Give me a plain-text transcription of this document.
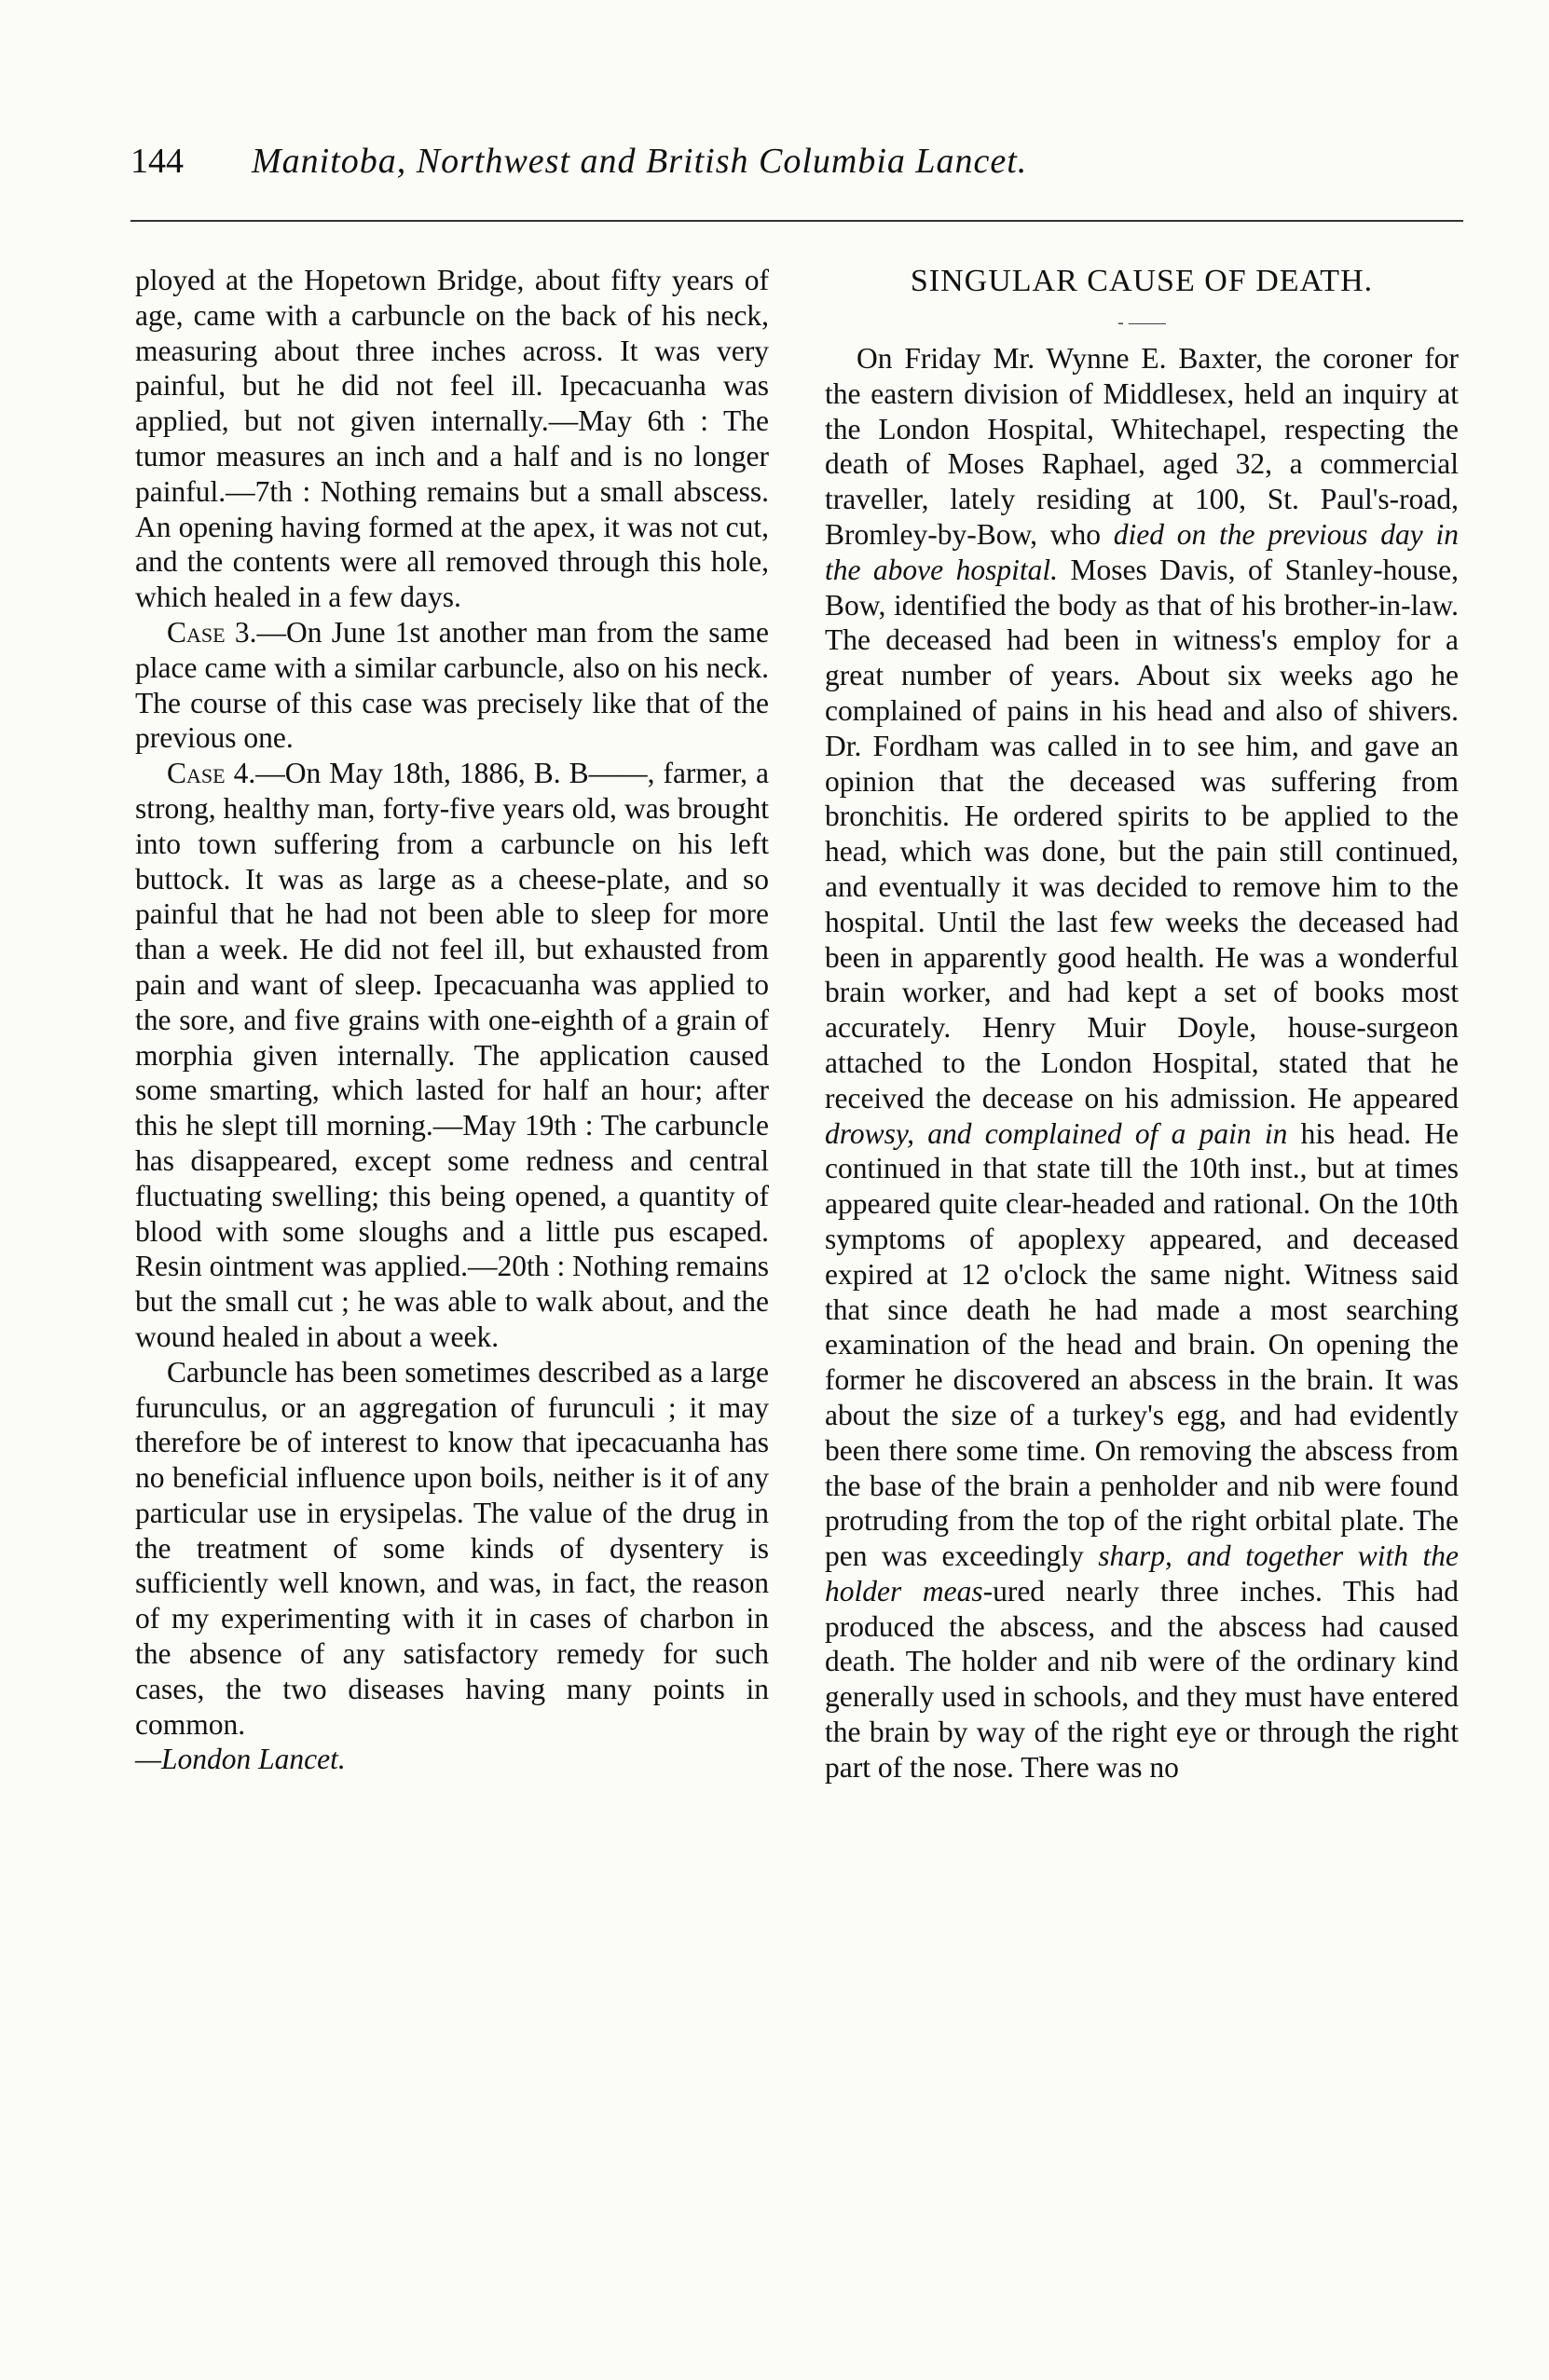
144 Manitoba, Northwest and British Columbia Lancet.

ployed at the Hopetown Bridge, about fifty years of age, came with a carbuncle on the back of his neck, measuring about three inches across. It was very painful, but he did not feel ill. Ipecacuanha was applied, but not given internally.—May 6th : The tumor measures an inch and a half and is no longer painful.—7th : Nothing remains but a small abscess. An opening having formed at the apex, it was not cut, and the contents were all removed through this hole, which healed in a few days.

Case 3.—On June 1st another man from the same place came with a similar carbuncle, also on his neck. The course of this case was precisely like that of the previous one.

Case 4.—On May 18th, 1886, B. B——, farmer, a strong, healthy man, forty-five years old, was brought into town suffering from a carbuncle on his left buttock. It was as large as a cheese-plate, and so painful that he had not been able to sleep for more than a week. He did not feel ill, but exhausted from pain and want of sleep. Ipecacuanha was applied to the sore, and five grains with one-eighth of a grain of morphia given internally. The application caused some smarting, which lasted for half an hour; after this he slept till morning.—May 19th : The carbuncle has disappeared, except some redness and central fluctuating swelling; this being opened, a quantity of blood with some sloughs and a little pus escaped. Resin ointment was applied.—20th : Nothing remains but the small cut ; he was able to walk about, and the wound healed in about a week.

Carbuncle has been sometimes described as a large furunculus, or an aggregation of furunculi ; it may therefore be of interest to know that ipecacuanha has no beneficial influence upon boils, neither is it of any particular use in erysipelas. The value of the drug in the treatment of some kinds of dysentery is sufficiently well known, and was, in fact, the reason of my experimenting with it in cases of charbon in the absence of any satisfactory remedy for such cases, the two diseases having many points in common.

—London Lancet.

SINGULAR CAUSE OF DEATH.

- ——

On Friday Mr. Wynne E. Baxter, the coroner for the eastern division of Middlesex, held an inquiry at the London Hospital, Whitechapel, respecting the death of Moses Raphael, aged 32, a commercial traveller, lately residing at 100, St. Paul's-road, Bromley-by-Bow, who died on the previous day in the above hospital. Moses Davis, of Stanley-house, Bow, identified the body as that of his brother-in-law. The deceased had been in witness's employ for a great number of years. About six weeks ago he complained of pains in his head and also of shivers. Dr. Fordham was called in to see him, and gave an opinion that the deceased was suffering from bronchitis. He ordered spirits to be applied to the head, which was done, but the pain still continued, and eventually it was decided to remove him to the hospital. Until the last few weeks the deceased had been in apparently good health. He was a wonderful brain worker, and had kept a set of books most accurately. Henry Muir Doyle, house-surgeon attached to the London Hospital, stated that he received the decease on his admission. He appeared drowsy, and complained of a pain in his head. He continued in that state till the 10th inst., but at times appeared quite clear-headed and rational. On the 10th symptoms of apoplexy appeared, and deceased expired at 12 o'clock the same night. Witness said that since death he had made a most searching examination of the head and brain. On opening the former he discovered an abscess in the brain. It was about the size of a turkey's egg, and had evidently been there some time. On removing the abscess from the base of the brain a penholder and nib were found protruding from the top of the right orbital plate. The pen was exceedingly sharp, and together with the holder meas-ured nearly three inches. This had produced the abscess, and the abscess had caused death. The holder and nib were of the ordinary kind generally used in schools, and they must have entered the brain by way of the right eye or through the right part of the nose. There was no
